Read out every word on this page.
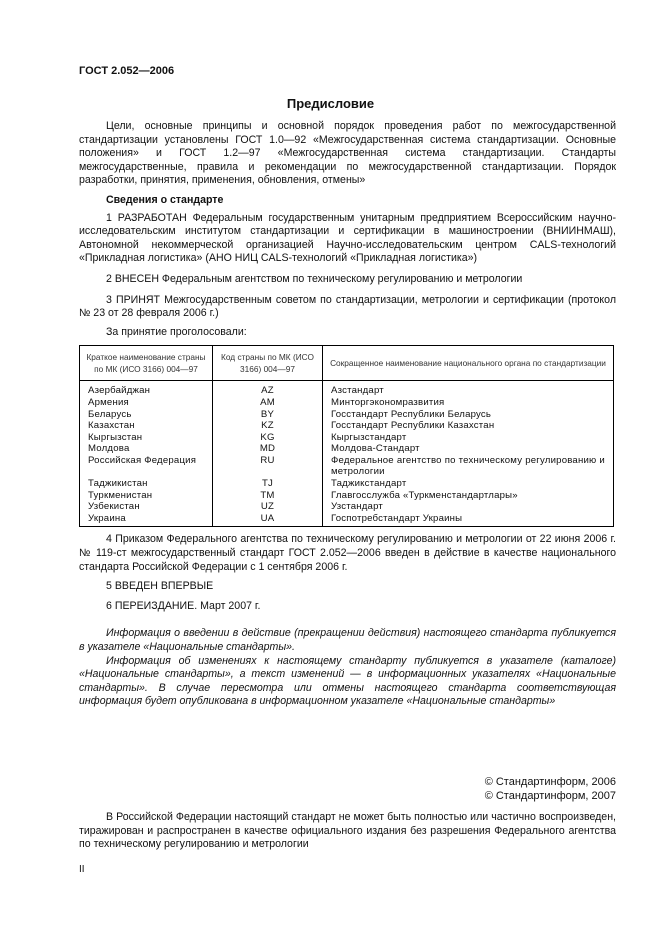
ГОСТ 2.052—2006
Предисловие
Цели, основные принципы и основной порядок проведения работ по межгосударственной стандартизации установлены ГОСТ 1.0—92 «Межгосударственная система стандартизации. Основные положения» и ГОСТ 1.2—97 «Межгосударственная система стандартизации. Стандарты межгосударственные, правила и рекомендации по межгосударственной стандартизации. Порядок разработки, принятия, применения, обновления, отмены»
Сведения о стандарте
1 РАЗРАБОТАН Федеральным государственным унитарным предприятием Всероссийским научно-исследовательским институтом стандартизации и сертификации в машиностроении (ВНИИНМАШ), Автономной некоммерческой организацией Научно-исследовательским центром CALS-технологий «Прикладная логистика» (АНО НИЦ CALS-технологий «Прикладная логистика»)
2 ВНЕСЕН Федеральным агентством по техническому регулированию и метрологии
3 ПРИНЯТ Межгосударственным советом по стандартизации, метрологии и сертификации (протокол № 23 от 28 февраля 2006 г.)
За принятие проголосовали:
Краткое наименование страны по МК (ИСО 3166) 004—97	Код страны по МК (ИСО 3166) 004—97	Сокращенное наименование национального органа по стандартизации
Азербайджан	AZ	Азстандарт
Армения	AM	Минторгэкономразвития
Беларусь	BY	Госстандарт Республики Беларусь
Казахстан	KZ	Госстандарт Республики Казахстан
Кыргызстан	KG	Кыргызстандарт
Молдова	MD	Молдова-Стандарт
Российская Федерация	RU	Федеральное агентство по техническому регулированию и метрологии
Таджикистан	TJ	Таджикстандарт
Туркменистан	TM	Главгосслужба «Туркменстандартлары»
Узбекистан	UZ	Узстандарт
Украина	UA	Госпотребстандарт Украины
4 Приказом Федерального агентства по техническому регулированию и метрологии от 22 июня 2006 г. № 119-ст межгосударственный стандарт ГОСТ 2.052—2006 введен в действие в качестве национального стандарта Российской Федерации с 1 сентября 2006 г.
5 ВВЕДЕН ВПЕРВЫЕ
6 ПЕРЕИЗДАНИЕ. Март 2007 г.
Информация о введении в действие (прекращении действия) настоящего стандарта публикуется в указателе «Национальные стандарты».
Информация об изменениях к настоящему стандарту публикуется в указателе (каталоге) «Национальные стандарты», а текст изменений — в информационных указателях «Национальные стандарты». В случае пересмотра или отмены настоящего стандарта соответствующая информация будет опубликована в информационном указателе «Национальные стандарты»
© Стандартинформ, 2006
© Стандартинформ, 2007
В Российской Федерации настоящий стандарт не может быть полностью или частично воспроизведен, тиражирован и распространен в качестве официального издания без разрешения Федерального агентства по техническому регулированию и метрологии
II
